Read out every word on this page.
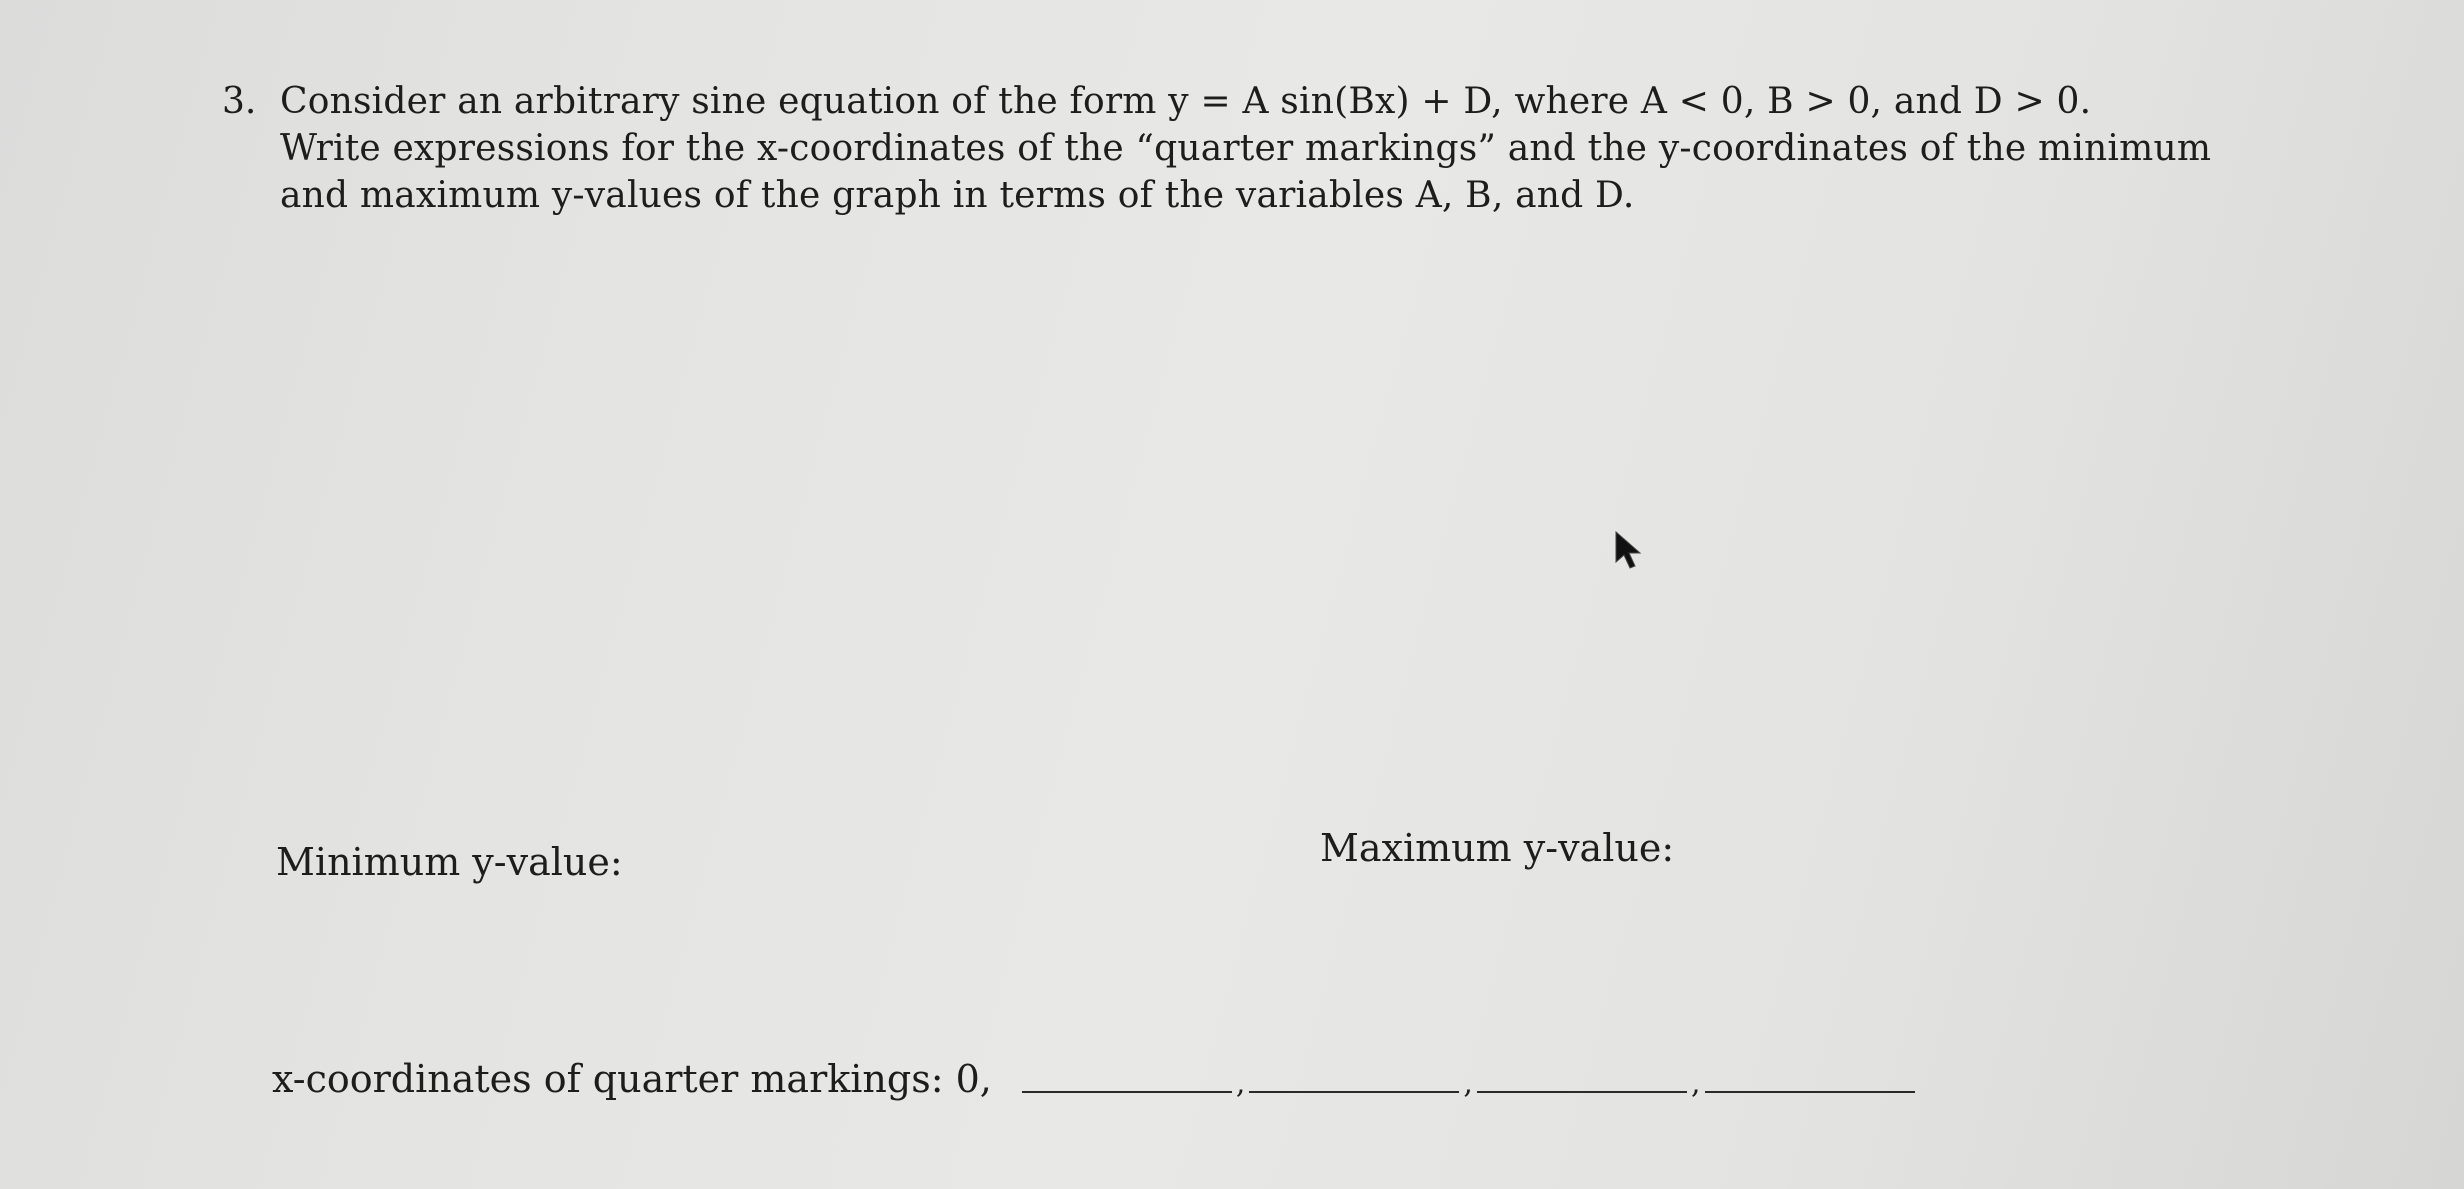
3. Consider an arbitrary sine equation of the form y = A sin(Bx) + D, where A < 0, B > 0, and D > 0.
Write expressions for the x-coordinates of the “quarter markings” and the y-coordinates of the minimum
and maximum y-values of the graph in terms of the variables A, B, and D.
Minimum y-value:	Maximum y-value:
x-coordinates of quarter markings: 0,	,	,	,
